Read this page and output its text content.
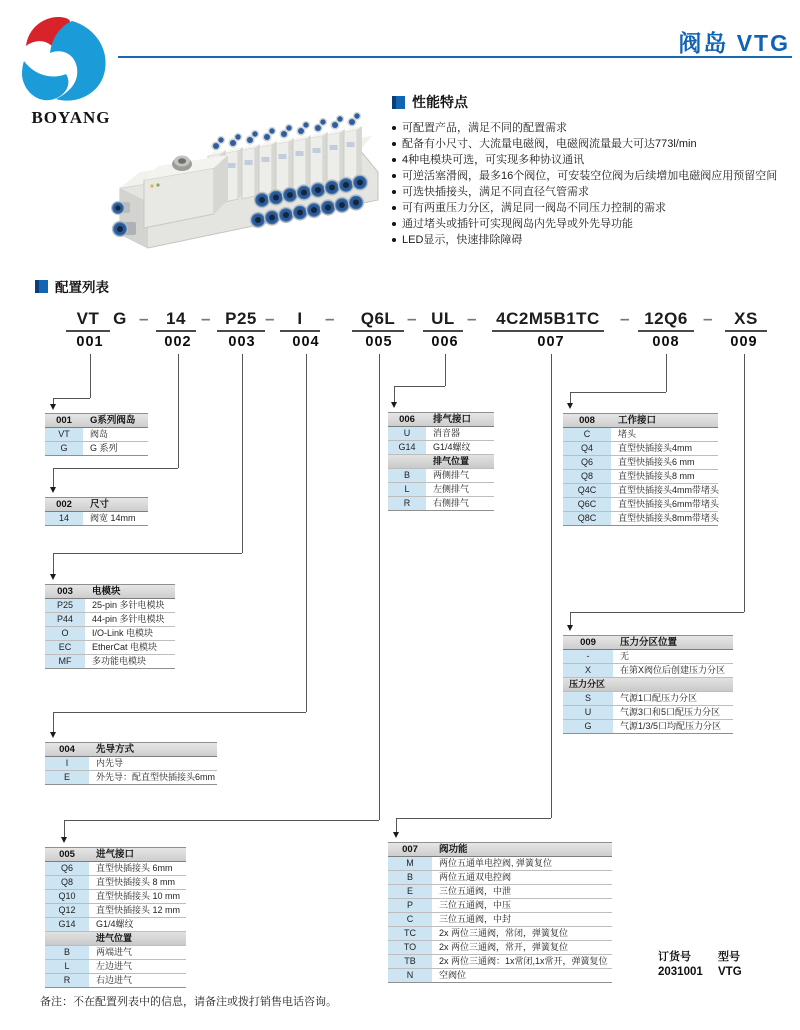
BOYANG
阀岛 VTG
性能特点
可配置产品，满足不同的配置需求
配备有小尺寸、大流量电磁阀，电磁阀流量最大可达773l/min
4种电模块可选，可实现多种协议通讯
可逆活塞滑阀，最多16个阀位，可安装空位阀为后续增加电磁阀应用预留空间
可选快插接头，满足不同直径气管需求
可有两重压力分区，满足同一阀岛不同压力控制的需求
通过堵头或插针可实现阀岛内先导或外先导功能
LED显示，快速排除障碍
配置列表
VT G –	14 – P25 –	I	–	Q6L – UL – 4C2M5B1TC – 12Q6 –	XS
001	002	003	004	005	006	007	008	009
001	G系列阀岛
VT	阀岛
G	G 系列
002	尺寸
14	阀宽 14mm
003	电模块
P25	25-pin 多针电模块
P44	44-pin 多针电模块
O	I/O-Link 电模块
EC	EtherCat 电模块
MF	多功能电模块
004	先导方式
I	内先导
E	外先导：配直型快插接头6mm
005	进气接口
Q6	直型快插接头 6mm
Q8	直型快插接头 8 mm
Q10	直型快插接头 10 mm
Q12	直型快插接头 12 mm
G14	G1/4螺纹
进气位置
B	两端进气
L	左边进气
R	右边进气
006	排气接口
U	消音器
G14	G1/4螺纹
排气位置
B	两侧排气
L	左侧排气
R	右侧排气
007	阀功能
M	两位五通单电控阀, 弹簧复位
B	两位五通双电控阀
E	三位五通阀，中泄
P	三位五通阀，中压
C	三位五通阀，中封
TC	2x 两位三通阀，常闭，弹簧复位
TO	2x 两位三通阀，常开，弹簧复位
TB	2x 两位三通阀：1x常闭,1x常开，弹簧复位
N	空阀位
008	工作接口
C	堵头
Q4	直型快插接头4mm
Q6	直型快插接头6 mm
Q8	直型快插接头8 mm
Q4C	直型快插接头4mm带堵头
Q6C	直型快插接头6mm带堵头
Q8C	直型快插接头8mm带堵头
009	压力分区位置
-	无
X	在第X阀位后创建压力分区
压力分区
S	气源1口配压力分区
U	气源3口和5口配压力分区
G	气源1/3/5口均配压力分区
订货号
2031001
型号
VTG
备注：不在配置列表中的信息，请备注或拨打销售电话咨询。
